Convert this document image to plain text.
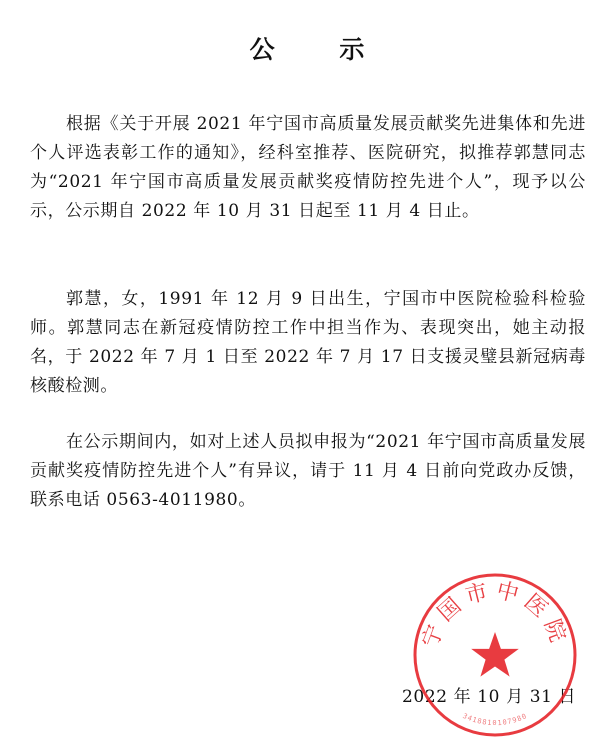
公 示

根据《关于开展 2021 年宁国市高质量发展贡献奖先进集体和先进个人评选表彰工作的通知》，经科室推荐、医院研究，拟推荐郭慧同志为“2021 年宁国市高质量发展贡献奖疫情防控先进个人”，现予以公示，公示期自 2022 年 10 月 31 日起至 11 月 4 日止。

郭慧，女，1991 年 12 月 9 日出生，宁国市中医院检验科检验师。郭慧同志在新冠疫情防控工作中担当作为、表现突出，她主动报名，于 2022 年 7 月 1 日至 2022 年 7 月 17 日支援灵璧县新冠病毒核酸检测。

在公示期间内，如对上述人员拟申报为“2021 年宁国市高质量发展贡献奖疫情防控先进个人”有异议，请于 11 月 4 日前向党政办反馈，联系电话 0563-4011980。

2022 年 10 月 31 日
宁国市中医院
3418810107980
